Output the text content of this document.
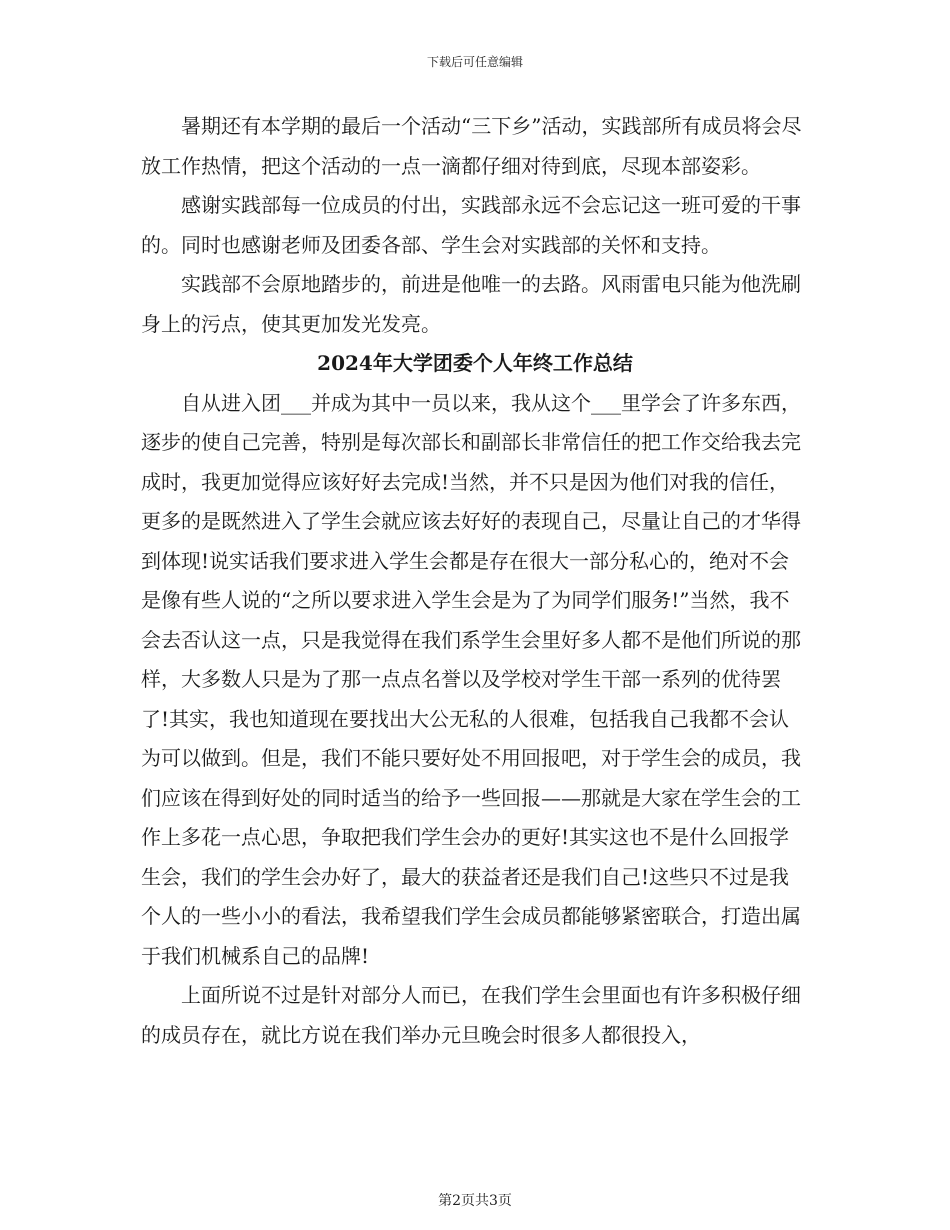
下载后可任意编辑

暑期还有本学期的最后一个活动“三下乡”活动，实践部所有成员将会尽放工作热情，把这个活动的一点一滴都仔细对待到底，尽现本部姿彩。

感谢实践部每一位成员的付出，实践部永远不会忘记这一班可爱的干事的。同时也感谢老师及团委各部、学生会对实践部的关怀和支持。

实践部不会原地踏步的，前进是他唯一的去路。风雨雷电只能为他洗刷身上的污点，使其更加发光发亮。

2024年大学团委个人年终工作总结

自从进入团___并成为其中一员以来，我从这个___里学会了许多东西，逐步的使自己完善，特别是每次部长和副部长非常信任的把工作交给我去完成时，我更加觉得应该好好去完成!当然，并不只是因为他们对我的信任，更多的是既然进入了学生会就应该去好好的表现自己，尽量让自己的才华得到体现!说实话我们要求进入学生会都是存在很大一部分私心的，绝对不会是像有些人说的“之所以要求进入学生会是为了为同学们服务!”当然，我不会去否认这一点，只是我觉得在我们系学生会里好多人都不是他们所说的那样，大多数人只是为了那一点点名誉以及学校对学生干部一系列的优待罢了!其实，我也知道现在要找出大公无私的人很难，包括我自己我都不会认为可以做到。但是，我们不能只要好处不用回报吧，对于学生会的成员，我们应该在得到好处的同时适当的给予一些回报——那就是大家在学生会的工作上多花一点心思，争取把我们学生会办的更好!其实这也不是什么回报学生会，我们的学生会办好了，最大的获益者还是我们自己!这些只不过是我个人的一些小小的看法，我希望我们学生会成员都能够紧密联合，打造出属于我们机械系自己的品牌!

上面所说不过是针对部分人而已，在我们学生会里面也有许多积极仔细的成员存在，就比方说在我们举办元旦晚会时很多人都很投入，

第2页共3页
